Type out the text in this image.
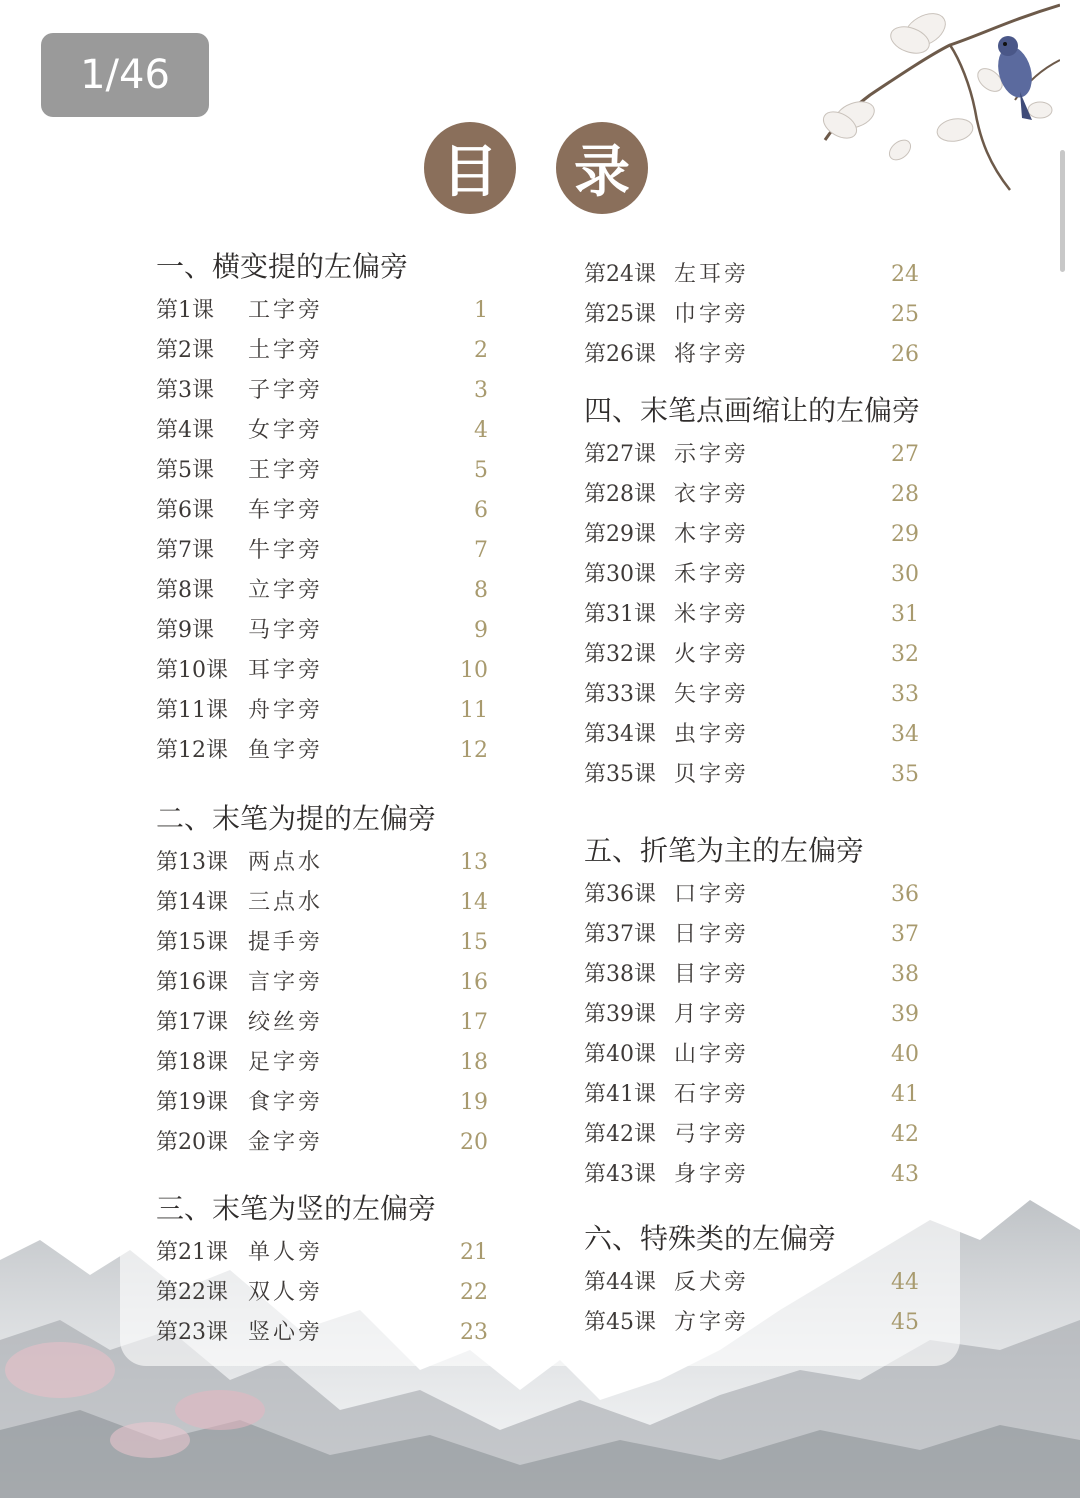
1/46
目	录
一、横变提的左偏旁
第1课 工字旁	1
第2课 土字旁	2
第3课 子字旁	3
第4课 女字旁	4
第5课 王字旁	5
第6课 车字旁	6
第7课 牛字旁	7
第8课 立字旁	8
第9课 马字旁	9
第10课 耳字旁	10
第11课 舟字旁	11
第12课 鱼字旁	12
二、末笔为提的左偏旁
第13课 两点水	13
第14课 三点水	14
第15课 提手旁	15
第16课 言字旁	16
第17课 绞丝旁	17
第18课 足字旁	18
第19课 食字旁	19
第20课 金字旁	20
三、末笔为竖的左偏旁
第21课 单人旁	21
第22课 双人旁	22
第23课 竖心旁	23
第24课 左耳旁	24
第25课 巾字旁	25
第26课 将字旁	26
四、末笔点画缩让的左偏旁
第27课 示字旁	27
第28课 衣字旁	28
第29课 木字旁	29
第30课 禾字旁	30
第31课 米字旁	31
第32课 火字旁	32
第33课 矢字旁	33
第34课 虫字旁	34
第35课 贝字旁	35
五、折笔为主的左偏旁
第36课 口字旁	36
第37课 日字旁	37
第38课 目字旁	38
第39课 月字旁	39
第40课 山字旁	40
第41课 石字旁	41
第42课 弓字旁	42
第43课 身字旁	43
六、特殊类的左偏旁
第44课 反犬旁	44
第45课 方字旁	45
